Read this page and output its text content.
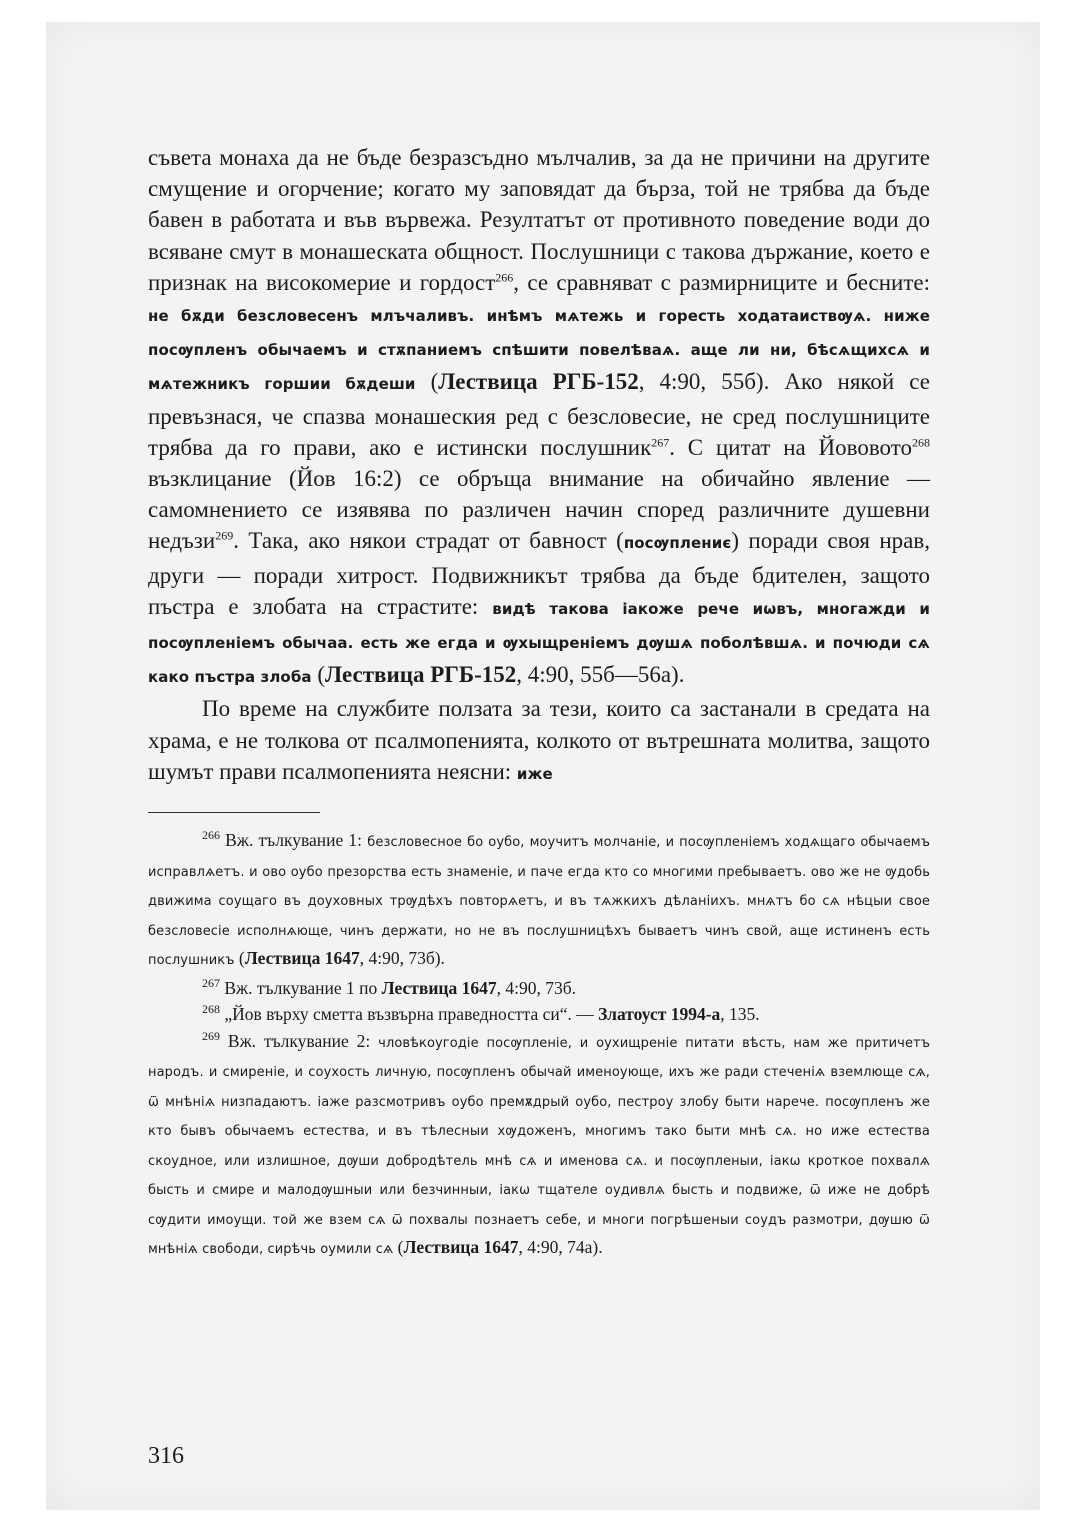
съвета монаха да не бъде безразсъдно мълчалив, за да не причини на другите смущение и огорчение; когато му заповядат да бърза, той не трябва да бъде бавен в работата и във вървежа. Резултатът от противното поведение води до всяване смут в монашеската общност. Послушници с такова държание, което е признак на високомерие и гордост$^{266}$, се сравняват с размирниците и бесните: не бѫди безсловесенъ млъчаливъ. инѣмъ мѧтежь и горесть ходатаиствѹѧ. ниже посѹпленъ обычаемъ и стѫпаниемъ спѣшити повелѣваѧ. аще ли ни, бѣсѧщихсѧ и мѧтежникъ горшии бѫдеши (Лествица РГБ-152, 4:90, 55б). Ако някой се превъзнася, че спазва монашеския ред с безсловесие, не сред послушниците трябва да го прави, ако е истински послушник$^{267}$. С цитат на Йововото$^{268}$ възклицание (Йов 16:2) се обръща внимание на обичайно явление — самомнението се изявява по различен начин според различните душевни недъзи$^{269}$. Така, ако някои страдат от бавност (посѹплениє) поради своя нрав, други — поради хитрост. Подвижникът трябва да бъде бдителен, защото пъстра е злобата на страстите: видѣ такова іакоже рече иѡвъ, многажди и посѹпленіемъ обычаа. есть же егда и ѹхыщреніемъ дѹшѧ поболѣвшѧ. и почюди сѧ како пъстра злоба (Лествица РГБ-152, 4:90, 55б—56а).

По време на службите ползата за тези, които са застанали в средата на храма, е не толкова от псалмопенията, колкото от вътрешната молитва, защото шумът прави псалмопенията неясни: иже

$^{266}$ Вж. тълкувание 1: безсловесное бо оубо, моучитъ молчаніе, и посѹпленіемъ ходѧщаго обычаемъ исправлѧетъ. и ово оубо презорства есть знаменіе, и паче егда кто со многими пребываетъ. ово же не ѹдобь движима соущаго въ доуховных трѹдѣхъ повторѧетъ, и въ тѧжкихъ дѣланіихъ. мнѧтъ бо сѧ нѣцыи свое безсловесіе исполнѧюще, чинъ держати, но не въ послушницѣхъ бываетъ чинъ свой, аще истиненъ есть послушникъ (Лествица 1647, 4:90, 73б).

$^{267}$ Вж. тълкувание 1 по Лествица 1647, 4:90, 73б.

$^{268}$ „Йов върху сметта възвърна праведността си“. — Златоуст 1994-а, 135.

$^{269}$ Вж. тълкувание 2: чловѣкоугодіе посѹпленіе, и оухищреніе питати вѣсть, нам же притичетъ народъ. и смиреніе, и соухость личную, посѹпленъ обычай именоующе, ихъ же ради стеченіѧ вземлюще сѧ, ѿ мнѣніѧ низпадаютъ. іаже разсмотривъ оубо премѫдрый оубо, пестроу злобу быти нарече. посѹпленъ же кто бывъ обычаемъ естества, и въ тѣлесныи хѹдоженъ, многимъ тако быти мнѣ сѧ. но иже естества скоудное, или излишное, дѹши добродѣтель мнѣ сѧ и именова сѧ. и посѹпленыи, іакѡ кроткое похвалѧ бысть и смире и малодѹшныи или безчинныи, іакѡ тщателе оудивлѧ бысть и подвиже, ѿ иже не добрѣ сѹдити имоущи. той же взем сѧ ѿ похвалы познаетъ себе, и многи погрѣшеныи соудъ размотри, дѹшю ѿ мнѣніѧ свободи, сирѣчь оумили сѧ (Лествица 1647, 4:90, 74а).

316
